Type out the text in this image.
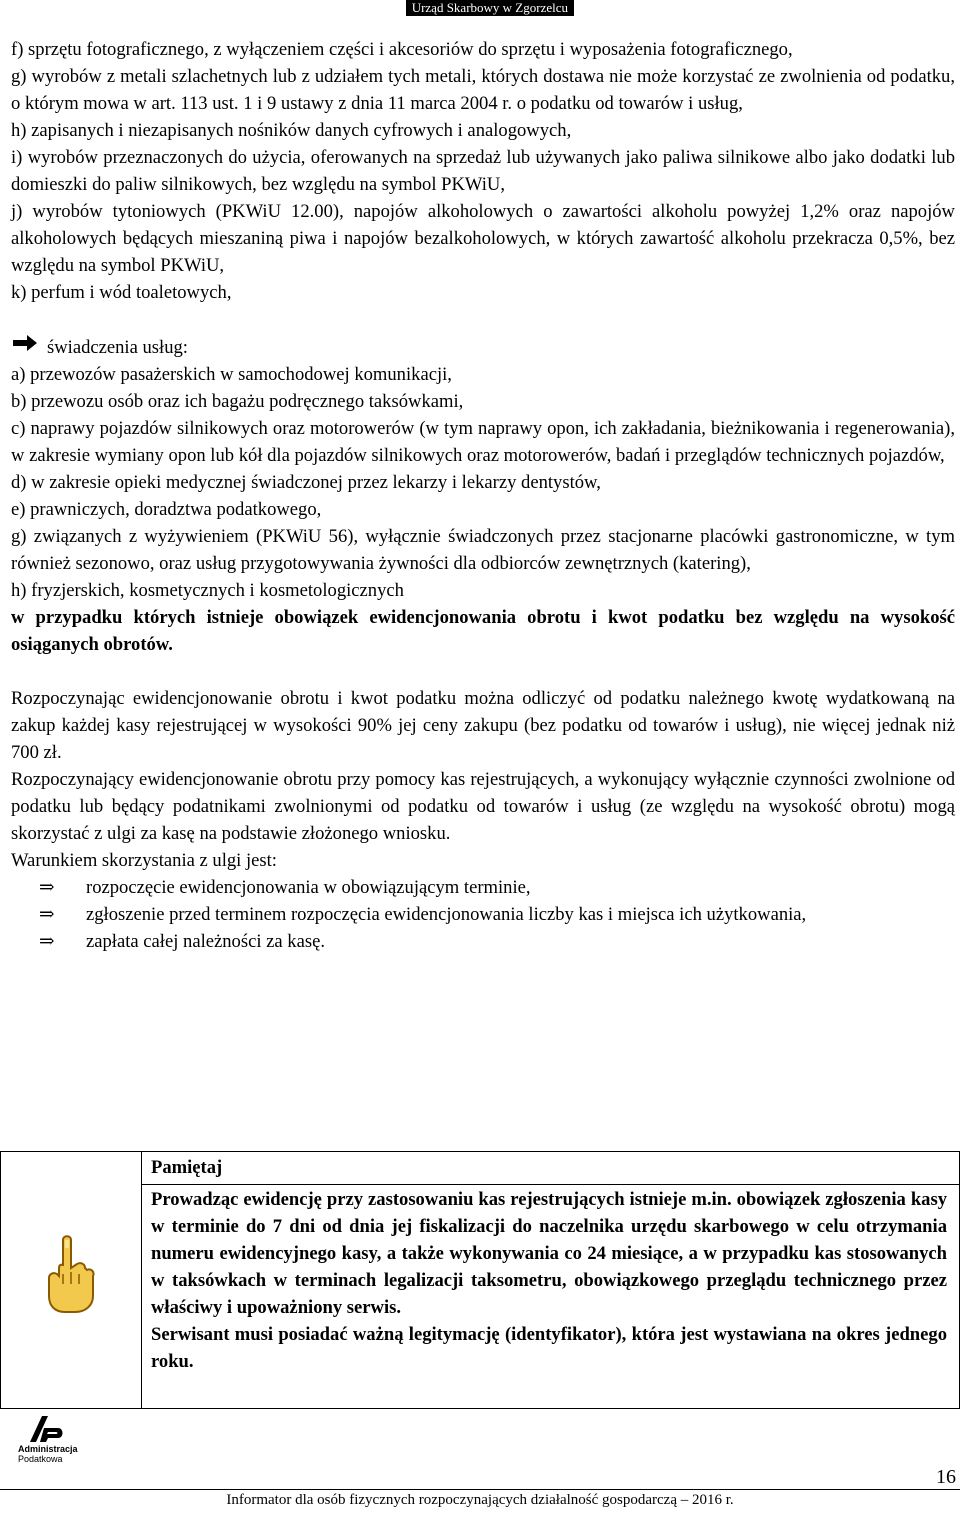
Urząd Skarbowy w Zgorzelcu

f) sprzętu fotograficznego, z wyłączeniem części i akcesoriów do sprzętu i wyposażenia fotograficznego,

g) wyrobów z metali szlachetnych lub z udziałem tych metali, których dostawa nie może korzystać ze zwolnienia od podatku, o którym mowa w art. 113 ust. 1 i 9 ustawy z dnia 11 marca 2004 r. o podatku od towarów i usług,

h) zapisanych i niezapisanych nośników danych cyfrowych i analogowych,

i) wyrobów przeznaczonych do użycia, oferowanych na sprzedaż lub używanych jako paliwa silnikowe albo jako dodatki lub domieszki do paliw silnikowych, bez względu na symbol PKWiU,

j) wyrobów tytoniowych (PKWiU 12.00), napojów alkoholowych o zawartości alkoholu powyżej 1,2% oraz napojów alkoholowych będących mieszaniną piwa i napojów bezalkoholowych, w których zawartość alkoholu przekracza 0,5%, bez względu na symbol PKWiU,

k) perfum i wód toaletowych,

świadczenia usług:

a) przewozów pasażerskich w samochodowej komunikacji,

b) przewozu osób oraz ich bagażu podręcznego taksówkami,

c) naprawy pojazdów silnikowych oraz motorowerów (w tym naprawy opon, ich zakładania, bieżnikowania i regenerowania), w zakresie wymiany opon lub kół dla pojazdów silnikowych oraz motorowerów, badań i przeglądów technicznych pojazdów,

d) w zakresie opieki medycznej świadczonej przez lekarzy i lekarzy dentystów,

e) prawniczych, doradztwa podatkowego,

g) związanych z wyżywieniem (PKWiU 56), wyłącznie świadczonych przez stacjonarne placówki gastronomiczne, w tym również sezonowo, oraz usług przygotowywania żywności dla odbiorców zewnętrznych (katering),

h) fryzjerskich, kosmetycznych i kosmetologicznych

w przypadku których istnieje obowiązek ewidencjonowania obrotu i kwot podatku bez względu na wysokość osiąganych obrotów.

Rozpoczynając ewidencjonowanie obrotu i kwot podatku można odliczyć od podatku należnego kwotę wydatkowaną na zakup każdej kasy rejestrującej w wysokości 90% jej ceny zakupu (bez podatku od towarów i usług), nie więcej jednak niż 700 zł.

Rozpoczynający ewidencjonowanie obrotu przy pomocy kas rejestrujących, a wykonujący wyłącznie czynności zwolnione od podatku lub będący podatnikami zwolnionymi od podatku od towarów i usług (ze względu na wysokość obrotu) mogą skorzystać z ulgi za kasę na podstawie złożonego wniosku.

Warunkiem skorzystania z ulgi jest:

⇒	rozpoczęcie ewidencjonowania w obowiązującym terminie,
⇒	zgłoszenie przed terminem rozpoczęcia ewidencjonowania liczby kas i miejsca ich użytkowania,
⇒	zapłata całej należności za kasę.
Pamiętaj

Prowadząc ewidencję przy zastosowaniu kas rejestrujących istnieje m.in. obowiązek zgłoszenia kasy w terminie do 7 dni od dnia jej fiskalizacji do naczelnika urzędu skarbowego w celu otrzymania numeru ewidencyjnego kasy, a także wykonywania co 24 miesiące, a w przypadku kas stosowanych w taksówkach w terminach legalizacji taksometru, obowiązkowego przeglądu technicznego przez właściwy i upoważniony serwis.

Serwisant musi posiadać ważną legitymację (identyfikator), która jest wystawiana na okres jednego roku.

Administracja
Podatkowa
16
Informator dla osób fizycznych rozpoczynających działalność gospodarczą – 2016 r.
